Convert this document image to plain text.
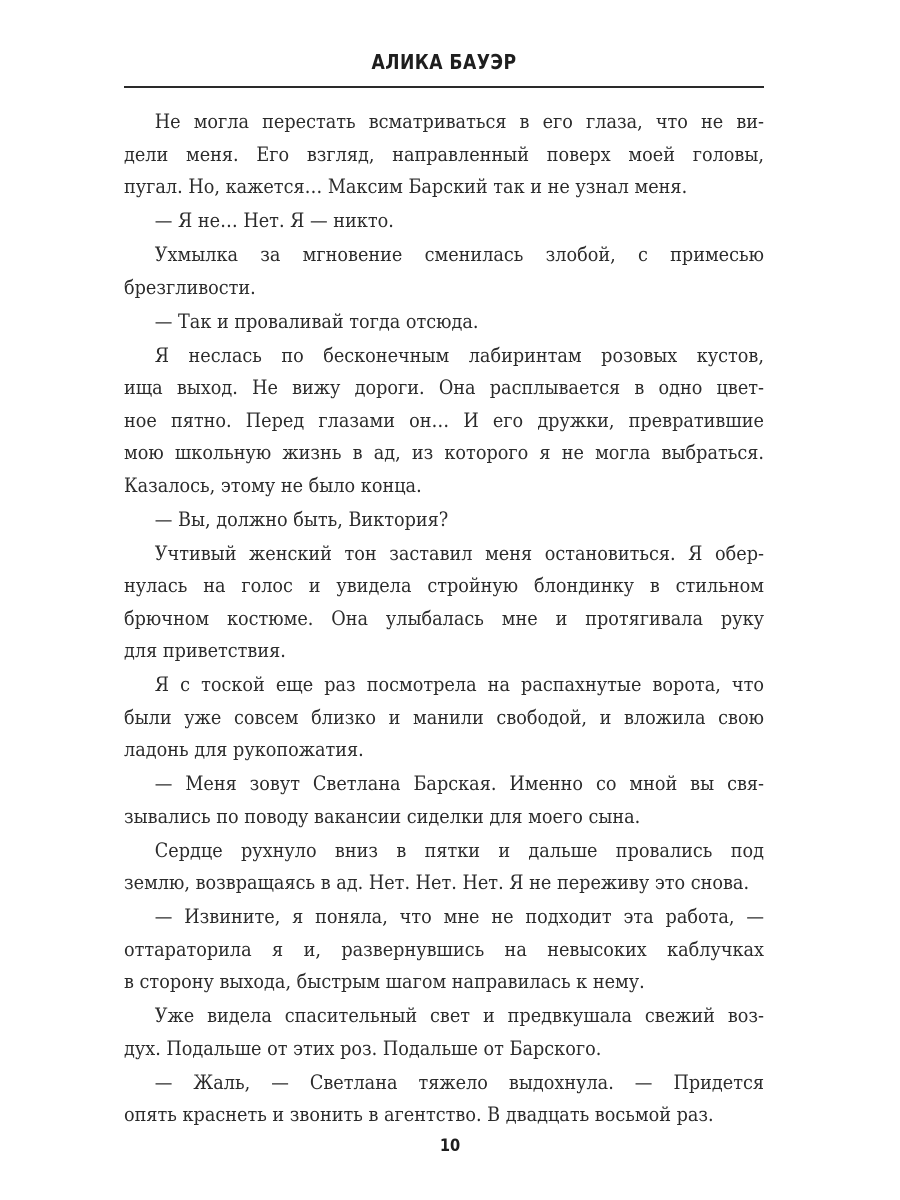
АЛИКА БАУЭР
Не могла перестать всматриваться в его глаза, что не ви-
дели меня. Его взгляд, направленный поверх моей головы,
пугал. Но, кажется… Максим Барский так и не узнал меня.
— Я не… Нет. Я — никто.
Ухмылка за мгновение сменилась злобой, с примесью
брезгливости.
— Так и проваливай тогда отсюда.
Я неслась по бесконечным лабиринтам розовых кустов,
ища выход. Не вижу дороги. Она расплывается в одно цвет-
ное пятно. Перед глазами он… И его дружки, превратившие
мою школьную жизнь в ад, из которого я не могла выбраться.
Казалось, этому не было конца.
— Вы, должно быть, Виктория?
Учтивый женский тон заставил меня остановиться. Я обер-
нулась на голос и увидела стройную блондинку в стильном
брючном костюме. Она улыбалась мне и протягивала руку
для приветствия.
Я с тоской еще раз посмотрела на распахнутые ворота, что
были уже совсем близко и манили свободой, и вложила свою
ладонь для рукопожатия.
— Меня зовут Светлана Барская. Именно со мной вы свя-
зывались по поводу вакансии сиделки для моего сына.
Сердце рухнуло вниз в пятки и дальше провались под
землю, возвращаясь в ад. Нет. Нет. Нет. Я не переживу это снова.
— Извините, я поняла, что мне не подходит эта работа, —
оттараторила я и, развернувшись на невысоких каблучках
в сторону выхода, быстрым шагом направилась к нему.
Уже видела спасительный свет и предвкушала свежий воз-
дух. Подальше от этих роз. Подальше от Барского.
— Жаль, — Светлана тяжело выдохнула. — Придется
опять краснеть и звонить в агентство. В двадцать восьмой раз.
10
